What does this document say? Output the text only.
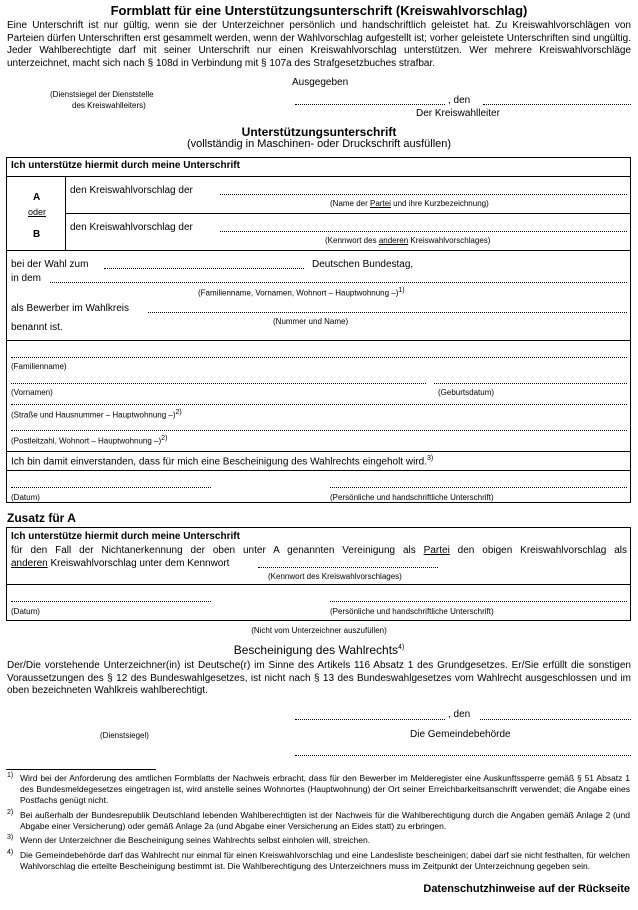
Formblatt für eine Unterstützungsunterschrift (Kreiswahlvorschlag)
Eine Unterschrift ist nur gültig, wenn sie der Unterzeichner persönlich und handschriftlich geleistet hat. Zu Kreiswahlvorschlägen von Parteien dürfen Unterschriften erst gesammelt werden, wenn der Wahlvorschlag aufgestellt ist; vorher geleistete Unterschriften sind ungültig. Jeder Wahlberechtigte darf mit seiner Unterschrift nur einen Kreiswahlvorschlag unterstützen. Wer mehrere Kreiswahlvorschläge unterzeichnet, macht sich nach § 108d in Verbindung mit § 107a des Strafgesetzbuches strafbar.
Ausgegeben
(Dienstsiegel der Dienststelle
des Kreiswahlleiters)	, den
Der Kreiswahlleiter
Unterstützungsunterschrift
(vollständig in Maschinen- oder Druckschrift ausfüllen)
Ich unterstütze hiermit durch meine Unterschrift
A
oder
B
den Kreiswahlvorschlag der
(Name der Partei und ihre Kurzbezeichnung)
den Kreiswahlvorschlag der
(Kennwort des anderen Kreiswahlvorschlages)
bei der Wahl zum	Deutschen Bundestag,
in dem
(Familienname, Vornamen, Wohnort – Hauptwohnung –)$^{1)}$
als Bewerber im Wahlkreis
(Nummer und Name)
benannt ist.
(Familienname)
(Vornamen)	(Geburtsdatum)
(Straße und Hausnummer – Hauptwohnung –)$^{2)}$
(Postleitzahl, Wohnort – Hauptwohnung –)$^{2)}$
Ich bin damit einverstanden, dass für mich eine Bescheinigung des Wahlrechts eingeholt wird.$^{3)}$
(Datum)	(Persönliche und handschriftliche Unterschrift)
Zusatz für A
Ich unterstütze hiermit durch meine Unterschrift
für den Fall der Nichtanerkennung der oben unter A genannten Vereinigung als Partei den obigen Kreiswahlvorschlag als
anderen Kreiswahlvorschlag unter dem Kennwort
(Kennwort des Kreiswahlvorschlages)
(Datum)	(Persönliche und handschriftliche Unterschrift)
(Nicht vom Unterzeichner auszufüllen)
Bescheinigung des Wahlrechts$^{4)}$
Der/Die vorstehende Unterzeichner(in) ist Deutsche(r) im Sinne des Artikels 116 Absatz 1 des Grundgesetzes. Er/Sie erfüllt die sonstigen Voraussetzungen des § 12 des Bundeswahlgesetzes, ist nicht nach § 13 des Bundeswahlgesetzes vom Wahlrecht ausgeschlossen und im oben bezeichneten Wahlkreis wahlberechtigt.
, den
(Dienstsiegel)	Die Gemeindebehörde
1) Wird bei der Anforderung des amtlichen Formblatts der Nachweis erbracht, dass für den Bewerber im Melderegister eine Auskunftssperre gemäß § 51 Absatz 1 des Bundesmeldegesetzes eingetragen ist, wird anstelle seines Wohnortes (Hauptwohnung) der Ort seiner Erreichbarkeitsanschrift verwendet; die Angabe eines Postfachs genügt nicht.
2) Bei außerhalb der Bundesrepublik Deutschland lebenden Wahlberechtigten ist der Nachweis für die Wahlberechtigung durch die Angaben gemäß Anlage 2 (und Abgabe einer Versicherung) oder gemäß Anlage 2a (und Abgabe einer Versicherung an Eides statt) zu erbringen.
3) Wenn der Unterzeichner die Bescheinigung seines Wahlrechts selbst einholen will, streichen.
4) Die Gemeindebehörde darf das Wahlrecht nur einmal für einen Kreiswahlvorschlag und eine Landesliste bescheinigen; dabei darf sie nicht festhalten, für welchen Wahlvorschlag die erteilte Bescheinigung bestimmt ist. Die Wahlberechtigung des Unterzeichners muss im Zeitpunkt der Unterzeichnung gegeben sein.
Datenschutzhinweise auf der Rückseite
